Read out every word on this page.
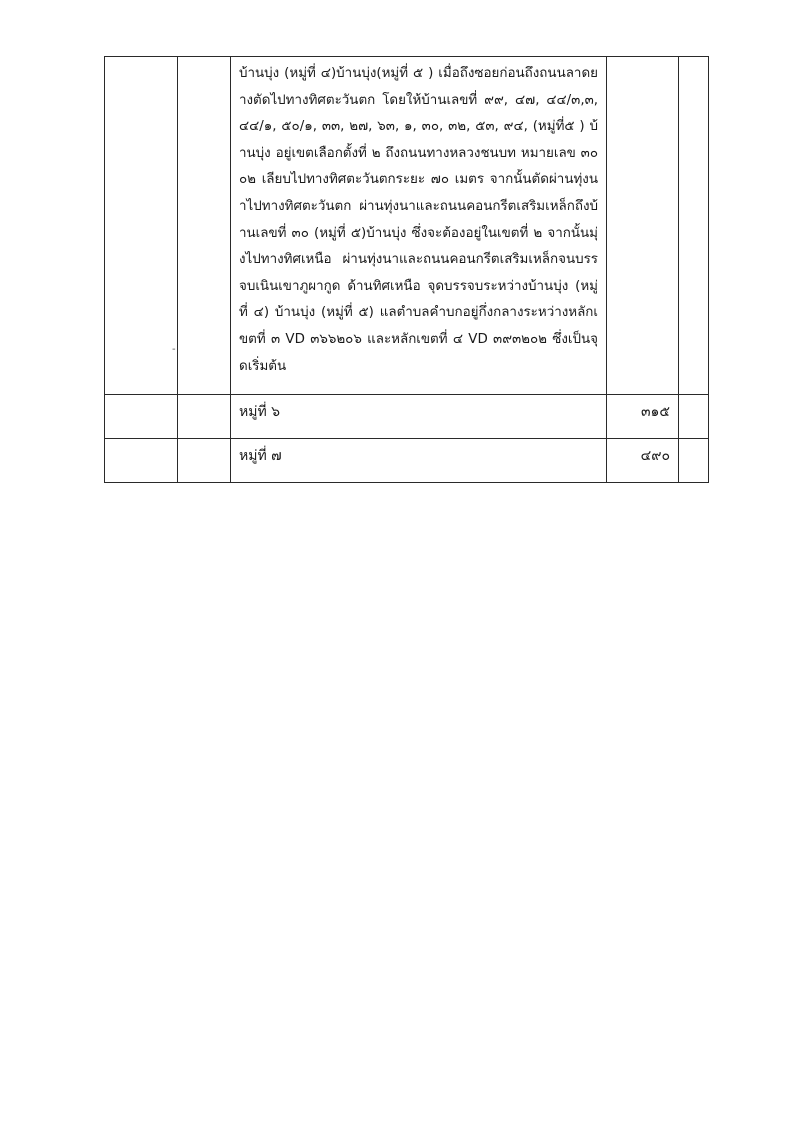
		บ้านบุ่ง (หมู่ที่ ๔)บ้านบุ่ง(หมู่ที่ ๕ ) เมื่อถึงซอยก่อนถึงถนนลาดยางตัดไปทางทิศตะวันตก โดยให้บ้านเลขที่ ๙๙, ๔๗, ๔๔/๓,๓, ๔๔/๑, ๕๐/๑, ๓๓, ๒๗, ๖๓, ๑, ๓๐, ๓๒, ๕๓, ๙๔, (หมู่ที่๕ ) บ้านบุ่ง อยู่เขตเลือกตั้งที่ ๒ ถึงถนนทางหลวงชนบท หมายเลข ๓๐๐๒ เลียบไปทางทิศตะวันตกระยะ ๗๐ เมตร จากนั้นตัดผ่านทุ่งนาไปทางทิศตะวันตก ผ่านทุ่งนาและถนนคอนกรีตเสริมเหล็กถึงบ้านเลขที่ ๓๐ (หมู่ที่ ๕)บ้านบุ่ง ซึ่งจะต้องอยู่ในเขตที่ ๒ จากนั้นมุ่งไปทางทิศเหนือ ผ่านทุ่งนาและถนนคอนกรีตเสริมเหล็กจนบรรจบเนินเขาภูผากูด ด้านทิศเหนือ จุดบรรจบระหว่างบ้านบุ่ง (หมู่ที่ ๔) บ้านบุ่ง (หมู่ที่ ๕) แลตำบลคำบกอยู่กึ่งกลางระหว่างหลักเขตที่ ๓ VD ๓๖๖๒๐๖ และหลักเขตที่ ๔ VD ๓๙๓๒๐๒ ซึ่งเป็นจุดเริ่มต้น		

		หมู่ที่ ๖	๓๑๕	
		หมู่ที่ ๗	๔๙๐	
-
